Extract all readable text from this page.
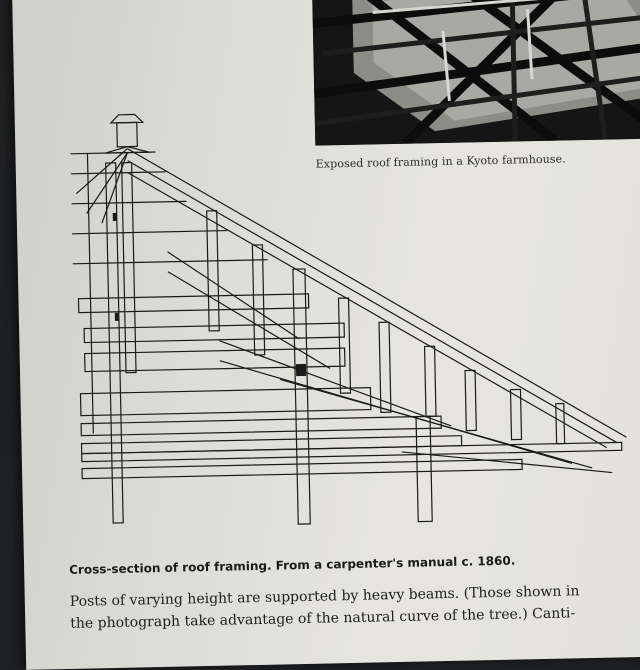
Exposed roof framing in a Kyoto farmhouse.
Cross-section of roof framing. From a carpenter's manual c. 1860.
Posts of varying height are supported by heavy beams. (Those shown in
the photograph take advantage of the natural curve of the tree.) Canti-
